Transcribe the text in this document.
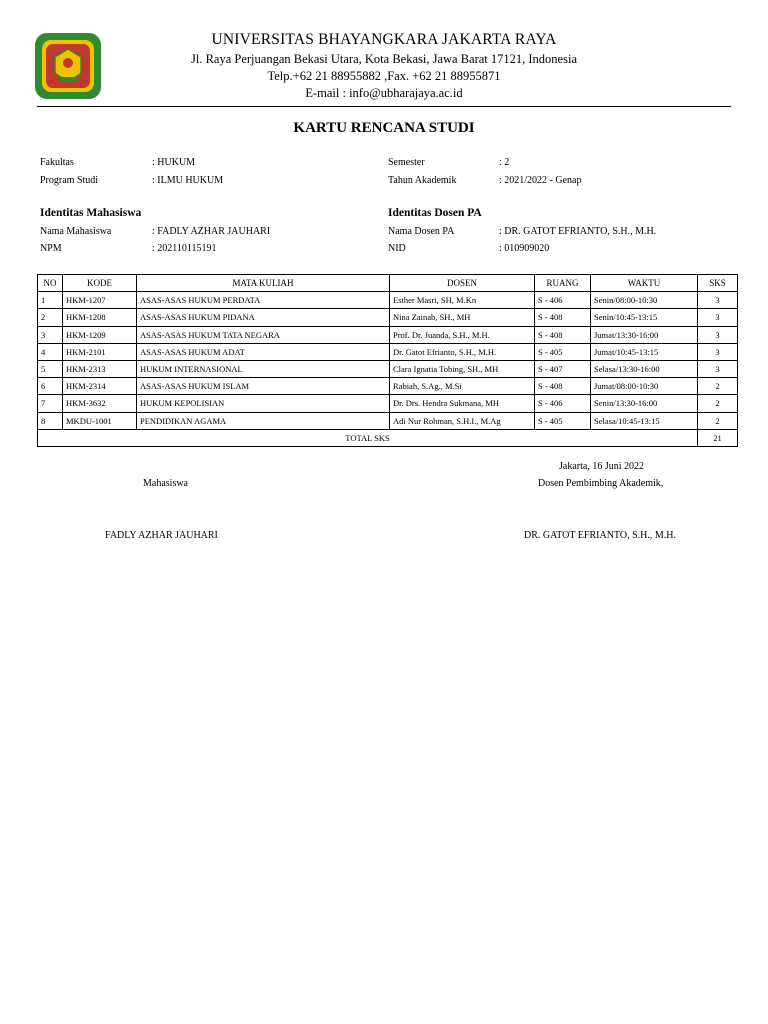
UNIVERSITAS BHAYANGKARA JAKARTA RAYA
Jl. Raya Perjuangan Bekasi Utara, Kota Bekasi, Jawa Barat 17121, Indonesia
Telp.+62 21 88955882 ,Fax. +62 21 88955871
E-mail : info@ubharajaya.ac.id
KARTU RENCANA STUDI
Fakultas	: HUKUM
Program Studi	: ILMU HUKUM
Semester	: 2
Tahun Akademik	: 2021/2022 - Genap
Identitas Mahasiswa
Nama Mahasiswa	: FADLY AZHAR JAUHARI
NPM	: 202110115191
Identitas Dosen PA
Nama Dosen PA	: DR. GATOT EFRIANTO, S.H., M.H.
NID	: 010909020
NO	KODE	MATA KULIAH	DOSEN	RUANG	WAKTU	SKS
1	HKM-1207	ASAS-ASAS HUKUM PERDATA	Esther Masri, SH, M.Kn	S - 406	Senin/08:00-10:30	3
2	HKM-1208	ASAS-ASAS HUKUM PIDANA	Nina Zainab, SH., MH	S - 408	Senin/10:45-13:15	3
3	HKM-1209	ASAS-ASAS HUKUM TATA NEGARA	Prof. Dr. Juanda, S.H., M.H.	S - 408	Jumat/13:30-16:00	3
4	HKM-2101	ASAS-ASAS HUKUM ADAT	Dr. Gatot Efrianto, S.H., M.H.	S - 405	Jumat/10:45-13:15	3
5	HKM-2313	HUKUM INTERNASIONAL	Clara Ignatia Tobing, SH., MH	S - 407	Selasa/13:30-16:00	3
6	HKM-2314	ASAS-ASAS HUKUM ISLAM	Rabiah, S.Ag., M.Si	S - 408	Jumat/08:00-10:30	2
7	HKM-3632	HUKUM KEPOLISIAN	Dr. Drs. Hendra Sukmana, MH	S - 406	Senin/13:30-16:00	2
8	MKDU-1001	PENDIDIKAN AGAMA	Adi Nur Rohman, S.H.I., M.Ag	S - 405	Selasa/10:45-13:15	2
TOTAL SKS						21
Jakarta, 16 Juni 2022
Mahasiswa	Dosen Pembimbing Akademik,
FADLY AZHAR JAUHARI	DR. GATOT EFRIANTO, S.H., M.H.
